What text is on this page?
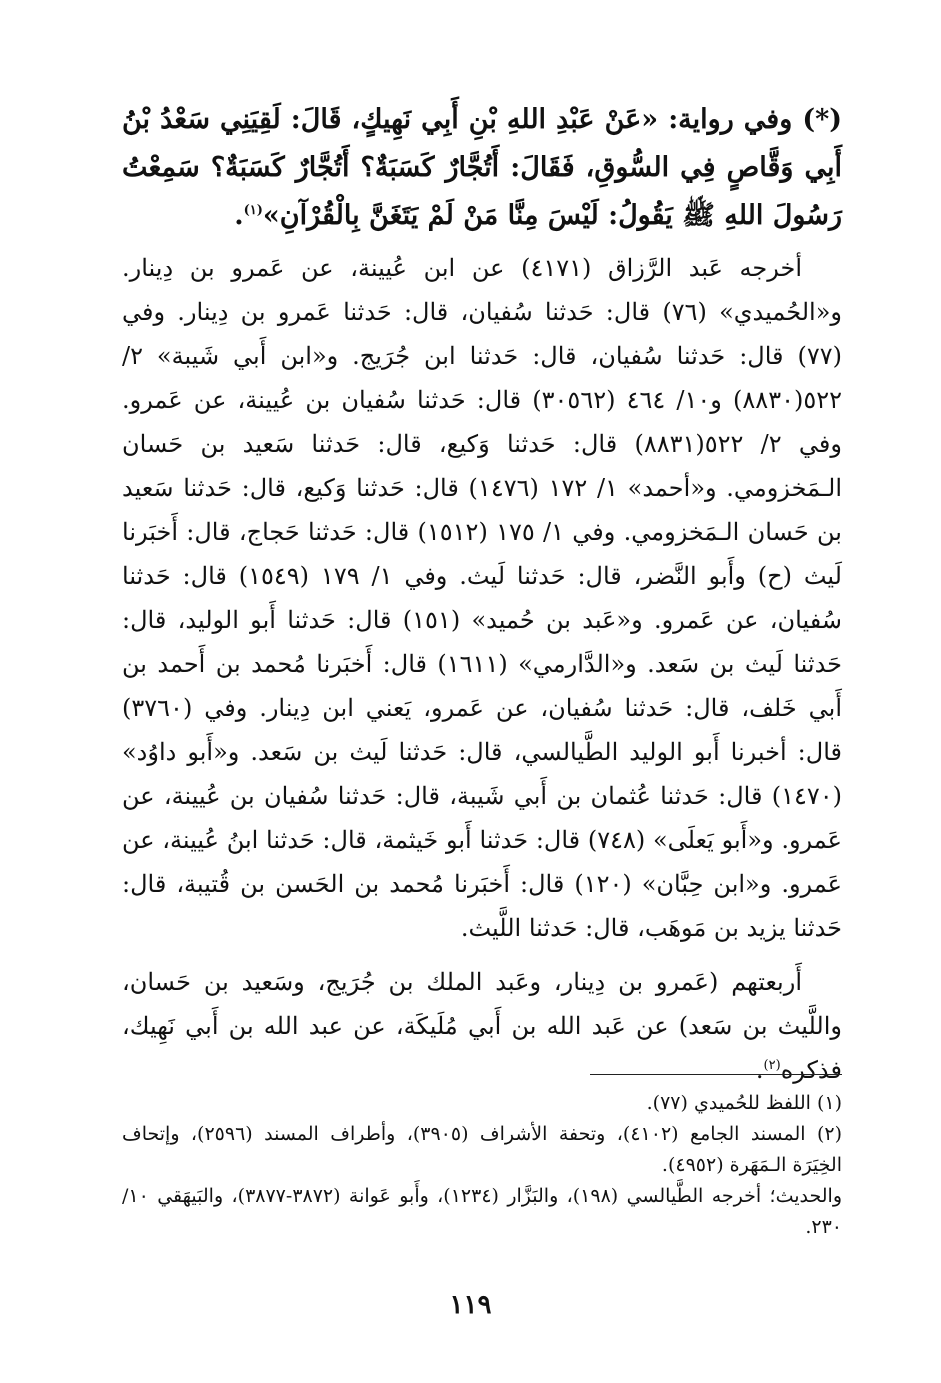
(*) وفي رواية: «عَنْ عَبْدِ اللهِ بْنِ أَبِي نَهِيكٍ، قَالَ: لَقِيَنِي سَعْدُ بْنُ أَبِي وَقَّاصٍ فِي السُّوقِ، فَقَالَ: أَتُجَّارٌ كَسَبَةٌ؟ أَتُجَّارٌ كَسَبَةٌ؟ سَمِعْتُ رَسُولَ اللهِ ﷺ يَقُولُ: لَيْسَ مِنَّا مَنْ لَمْ يَتَغَنَّ بِالْقُرْآنِ»$^{(١)}$.

أخرجه عَبد الرَّزاق (٤١٧١) عن ابن عُيينة، عن عَمرو بن دِينار. و«الحُميدي» (٧٦) قال: حَدثنا سُفيان، قال: حَدثنا عَمرو بن دِينار. وفي (٧٧) قال: حَدثنا سُفيان، قال: حَدثنا ابن جُرَيج. و«ابن أَبي شَيبة» ٢/ ٥٢٢(٨٨٣٠) و١٠/ ٤٦٤ (٣٠٥٦٢) قال: حَدثنا سُفيان بن عُيينة، عن عَمرو. وفي ٢/ ٥٢٢(٨٨٣١) قال: حَدثنا وَكيع، قال: حَدثنا سَعيد بن حَسان الـمَخزومي. و«أحمد» ١/ ١٧٢ (١٤٧٦) قال: حَدثنا وَكيع، قال: حَدثنا سَعيد بن حَسان الـمَخزومي. وفي ١/ ١٧٥ (١٥١٢) قال: حَدثنا حَجاج، قال: أَخبَرنا لَيث (ح) وأَبو النَّضر، قال: حَدثنا لَيث. وفي ١/ ١٧٩ (١٥٤٩) قال: حَدثنا سُفيان، عن عَمرو. و«عَبد بن حُميد» (١٥١) قال: حَدثنا أَبو الوليد، قال: حَدثنا لَيث بن سَعد. و«الدَّارمي» (١٦١١) قال: أَخبَرنا مُحمد بن أَحمد بن أَبي خَلف، قال: حَدثنا سُفيان، عن عَمرو، يَعني ابن دِينار. وفي (٣٧٦٠) قال: أخبرنا أَبو الوليد الطَّيالسي، قال: حَدثنا لَيث بن سَعد. و«أَبو داوُد» (١٤٧٠) قال: حَدثنا عُثمان بن أَبي شَيبة، قال: حَدثنا سُفيان بن عُيينة، عن عَمرو. و«أَبو يَعلَى» (٧٤٨) قال: حَدثنا أَبو خَيثمة، قال: حَدثنا ابنُ عُيينة، عن عَمرو. و«ابن حِبَّان» (١٢٠) قال: أَخبَرنا مُحمد بن الحَسن بن قُتيبة، قال: حَدثنا يزيد بن مَوهَب، قال: حَدثنا اللَّيث.

أَربعتهم (عَمرو بن دِينار، وعَبد الملك بن جُرَيج، وسَعيد بن حَسان، واللَّيث بن سَعد) عن عَبد الله بن أَبي مُلَيكَة، عن عبد الله بن أَبي نَهِيك، فذكره$^{(٢)}$.

(١) اللفظ للحُميدي (٧٧).

(٢) المسند الجامع (٤١٠٢)، وتحفة الأشراف (٣٩٠٥)، وأطراف المسند (٢٥٩٦)، وإتحاف الخِيَرَة الـمَهَرة (٤٩٥٢).

والحديث؛ أخرجه الطَّيالسي (١٩٨)، والبَزَّار (١٢٣٤)، وأَبو عَوانة (٣٨٧٢-٣٨٧٧)، والبَيهَقي ١٠/ ٢٣٠.

١١٩
